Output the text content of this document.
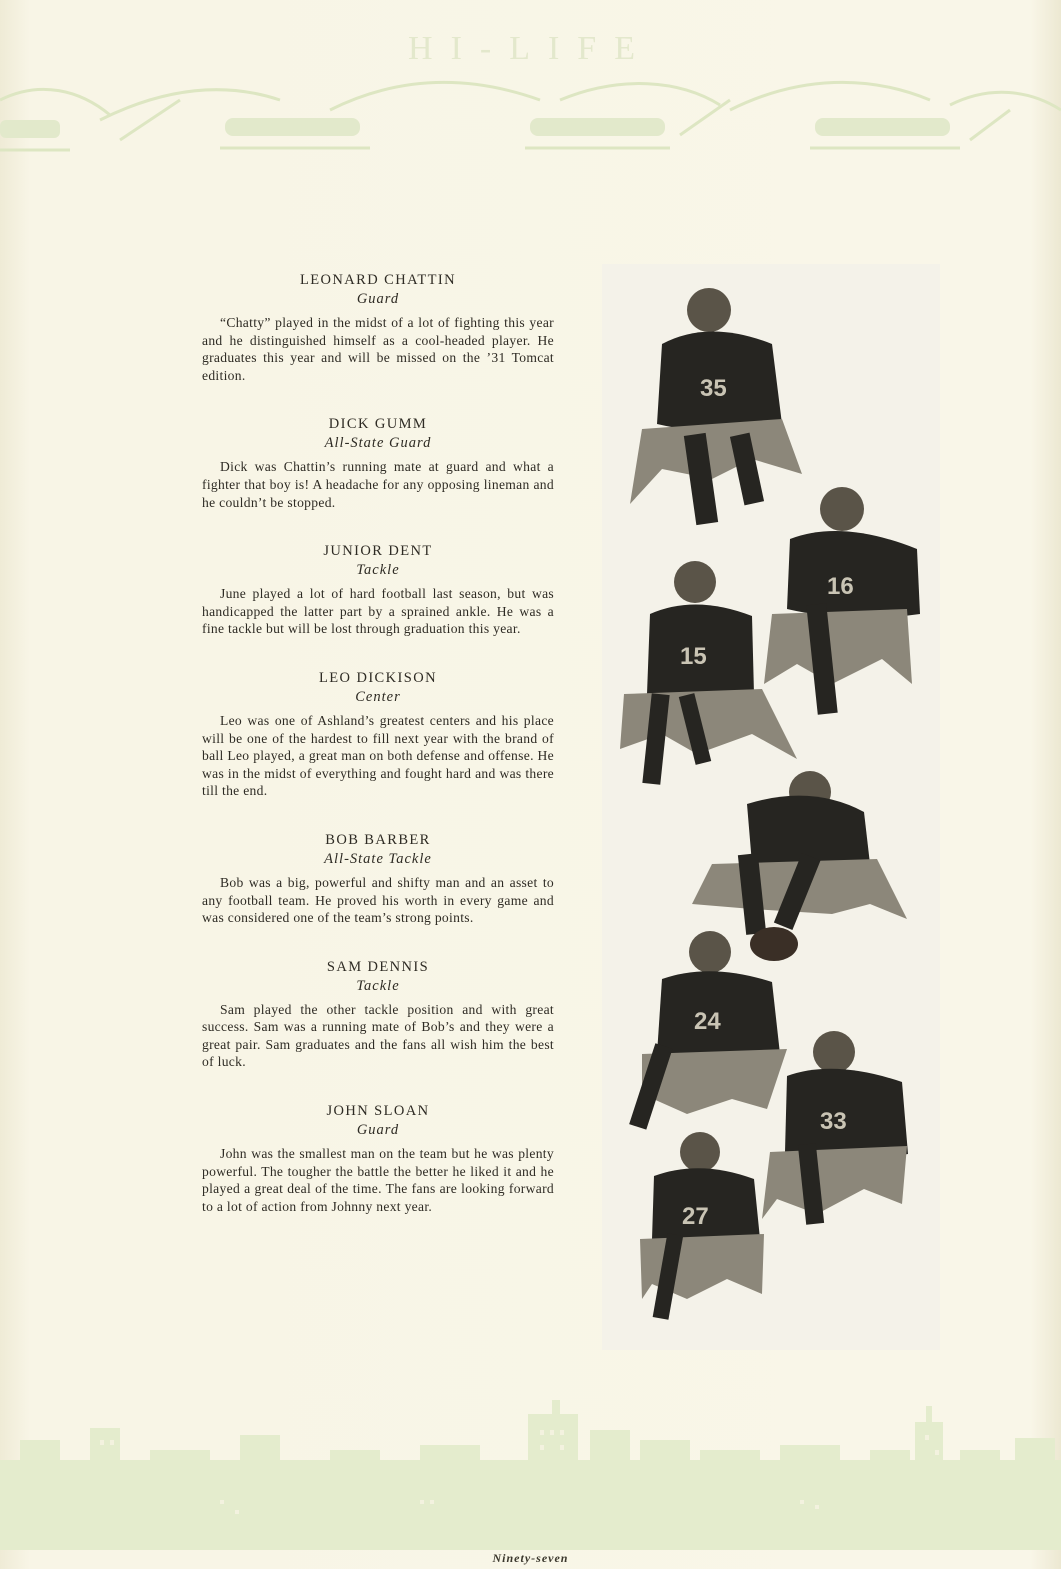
HI-LIFE
LEONARD CHATTIN
Guard

“Chatty” played in the midst of a lot of fighting this year and he distinguished himself as a cool-headed player. He graduates this year and will be missed on the ’31 Tomcat edition.

DICK GUMM
All-State Guard

Dick was Chattin’s running mate at guard and what a fighter that boy is! A headache for any opposing lineman and he couldn’t be stopped.

JUNIOR DENT
Tackle

June played a lot of hard football last season, but was handicapped the latter part by a sprained ankle. He was a fine tackle but will be lost through graduation this year.

LEO DICKISON
Center

Leo was one of Ashland’s greatest centers and his place will be one of the hardest to fill next year with the brand of ball Leo played, a great man on both defense and offense. He was in the midst of everything and fought hard and was there till the end.

BOB BARBER
All-State Tackle

Bob was a big, powerful and shifty man and an asset to any football team. He proved his worth in every game and was considered one of the team’s strong points.

SAM DENNIS
Tackle

Sam played the other tackle position and with great success. Sam was a running mate of Bob’s and they were a great pair. Sam graduates and the fans all wish him the best of luck.

JOHN SLOAN
Guard

John was the smallest man on the team but he was plenty powerful. The tougher the battle the better he liked it and he played a great deal of the time. The fans are looking forward to a lot of action from Johnny next year.

35
16
15
24
33
27
Ninety-seven
